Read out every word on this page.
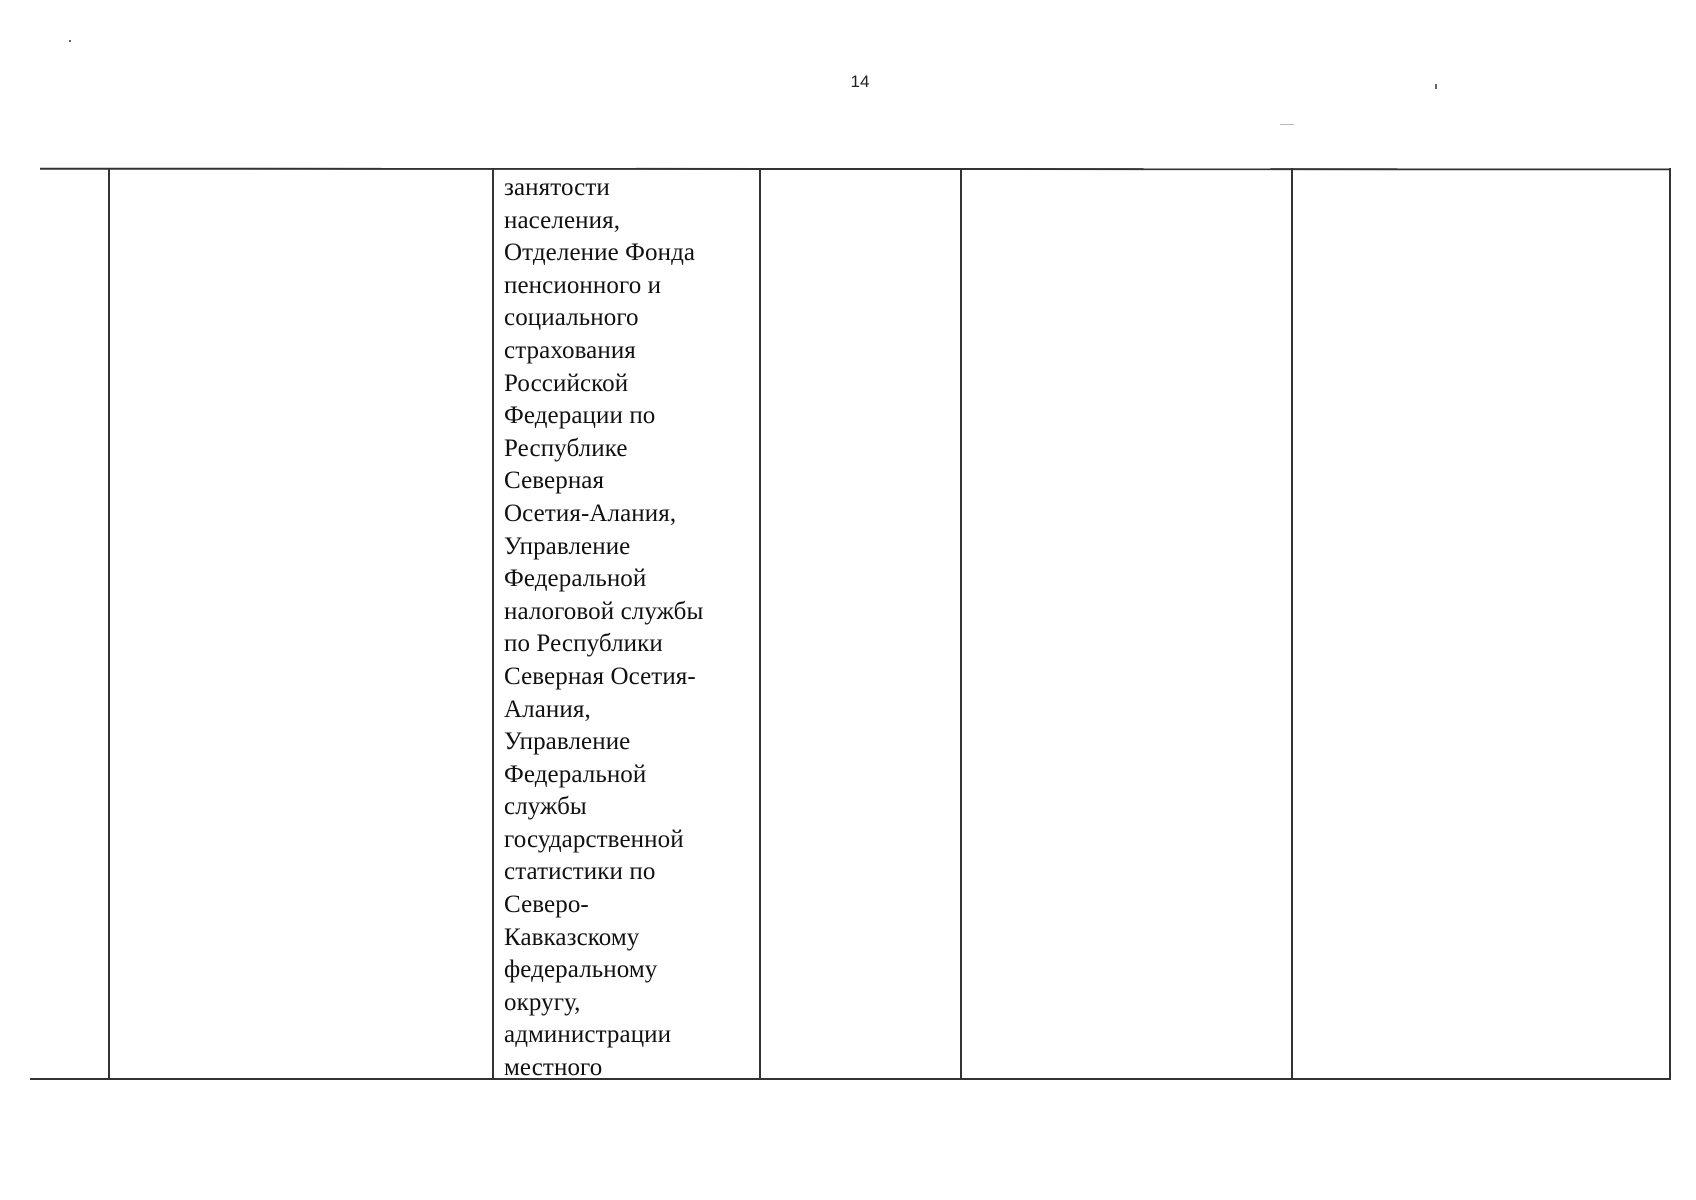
14
занятости
населения,
Отделение Фонда
пенсионного и
социального
страхования
Российской
Федерации по
Республике
Северная
Осетия-Алания,
Управление
Федеральной
налоговой службы
по Республики
Северная Осетия-
Алания,
Управление
Федеральной
службы
государственной
статистики по
Северо-
Кавказскому
федеральному
округу,
администрации
местного
